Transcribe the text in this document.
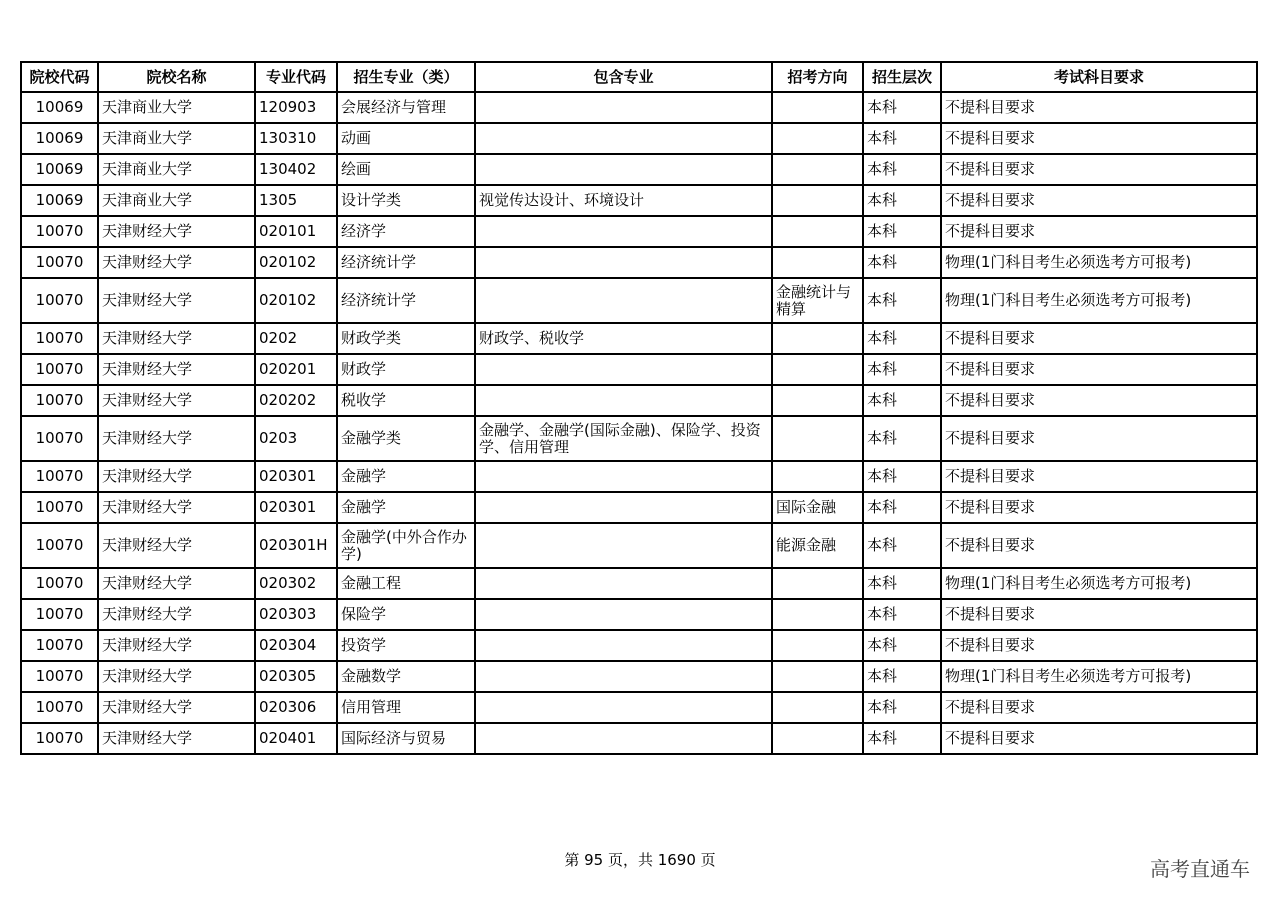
院校代码	院校名称	专业代码	招生专业（类）	包含专业	招考方向	招生层次	考试科目要求
10069	天津商业大学	120903	会展经济与管理			本科	不提科目要求
10069	天津商业大学	130310	动画			本科	不提科目要求
10069	天津商业大学	130402	绘画			本科	不提科目要求
10069	天津商业大学	1305	设计学类	视觉传达设计、环境设计		本科	不提科目要求
10070	天津财经大学	020101	经济学			本科	不提科目要求
10070	天津财经大学	020102	经济统计学			本科	物理(1门科目考生必须选考方可报考)
10070	天津财经大学	020102	经济统计学		金融统计与精算	本科	物理(1门科目考生必须选考方可报考)
10070	天津财经大学	0202	财政学类	财政学、税收学		本科	不提科目要求
10070	天津财经大学	020201	财政学			本科	不提科目要求
10070	天津财经大学	020202	税收学			本科	不提科目要求
10070	天津财经大学	0203	金融学类	金融学、金融学(国际金融)、保险学、投资学、信用管理		本科	不提科目要求
10070	天津财经大学	020301	金融学			本科	不提科目要求
10070	天津财经大学	020301	金融学		国际金融	本科	不提科目要求
10070	天津财经大学	020301H	金融学(中外合作办学)		能源金融	本科	不提科目要求
10070	天津财经大学	020302	金融工程			本科	物理(1门科目考生必须选考方可报考)
10070	天津财经大学	020303	保险学			本科	不提科目要求
10070	天津财经大学	020304	投资学			本科	不提科目要求
10070	天津财经大学	020305	金融数学			本科	物理(1门科目考生必须选考方可报考)
10070	天津财经大学	020306	信用管理			本科	不提科目要求
10070	天津财经大学	020401	国际经济与贸易			本科	不提科目要求
第 95 页，共 1690 页	高考直通车
